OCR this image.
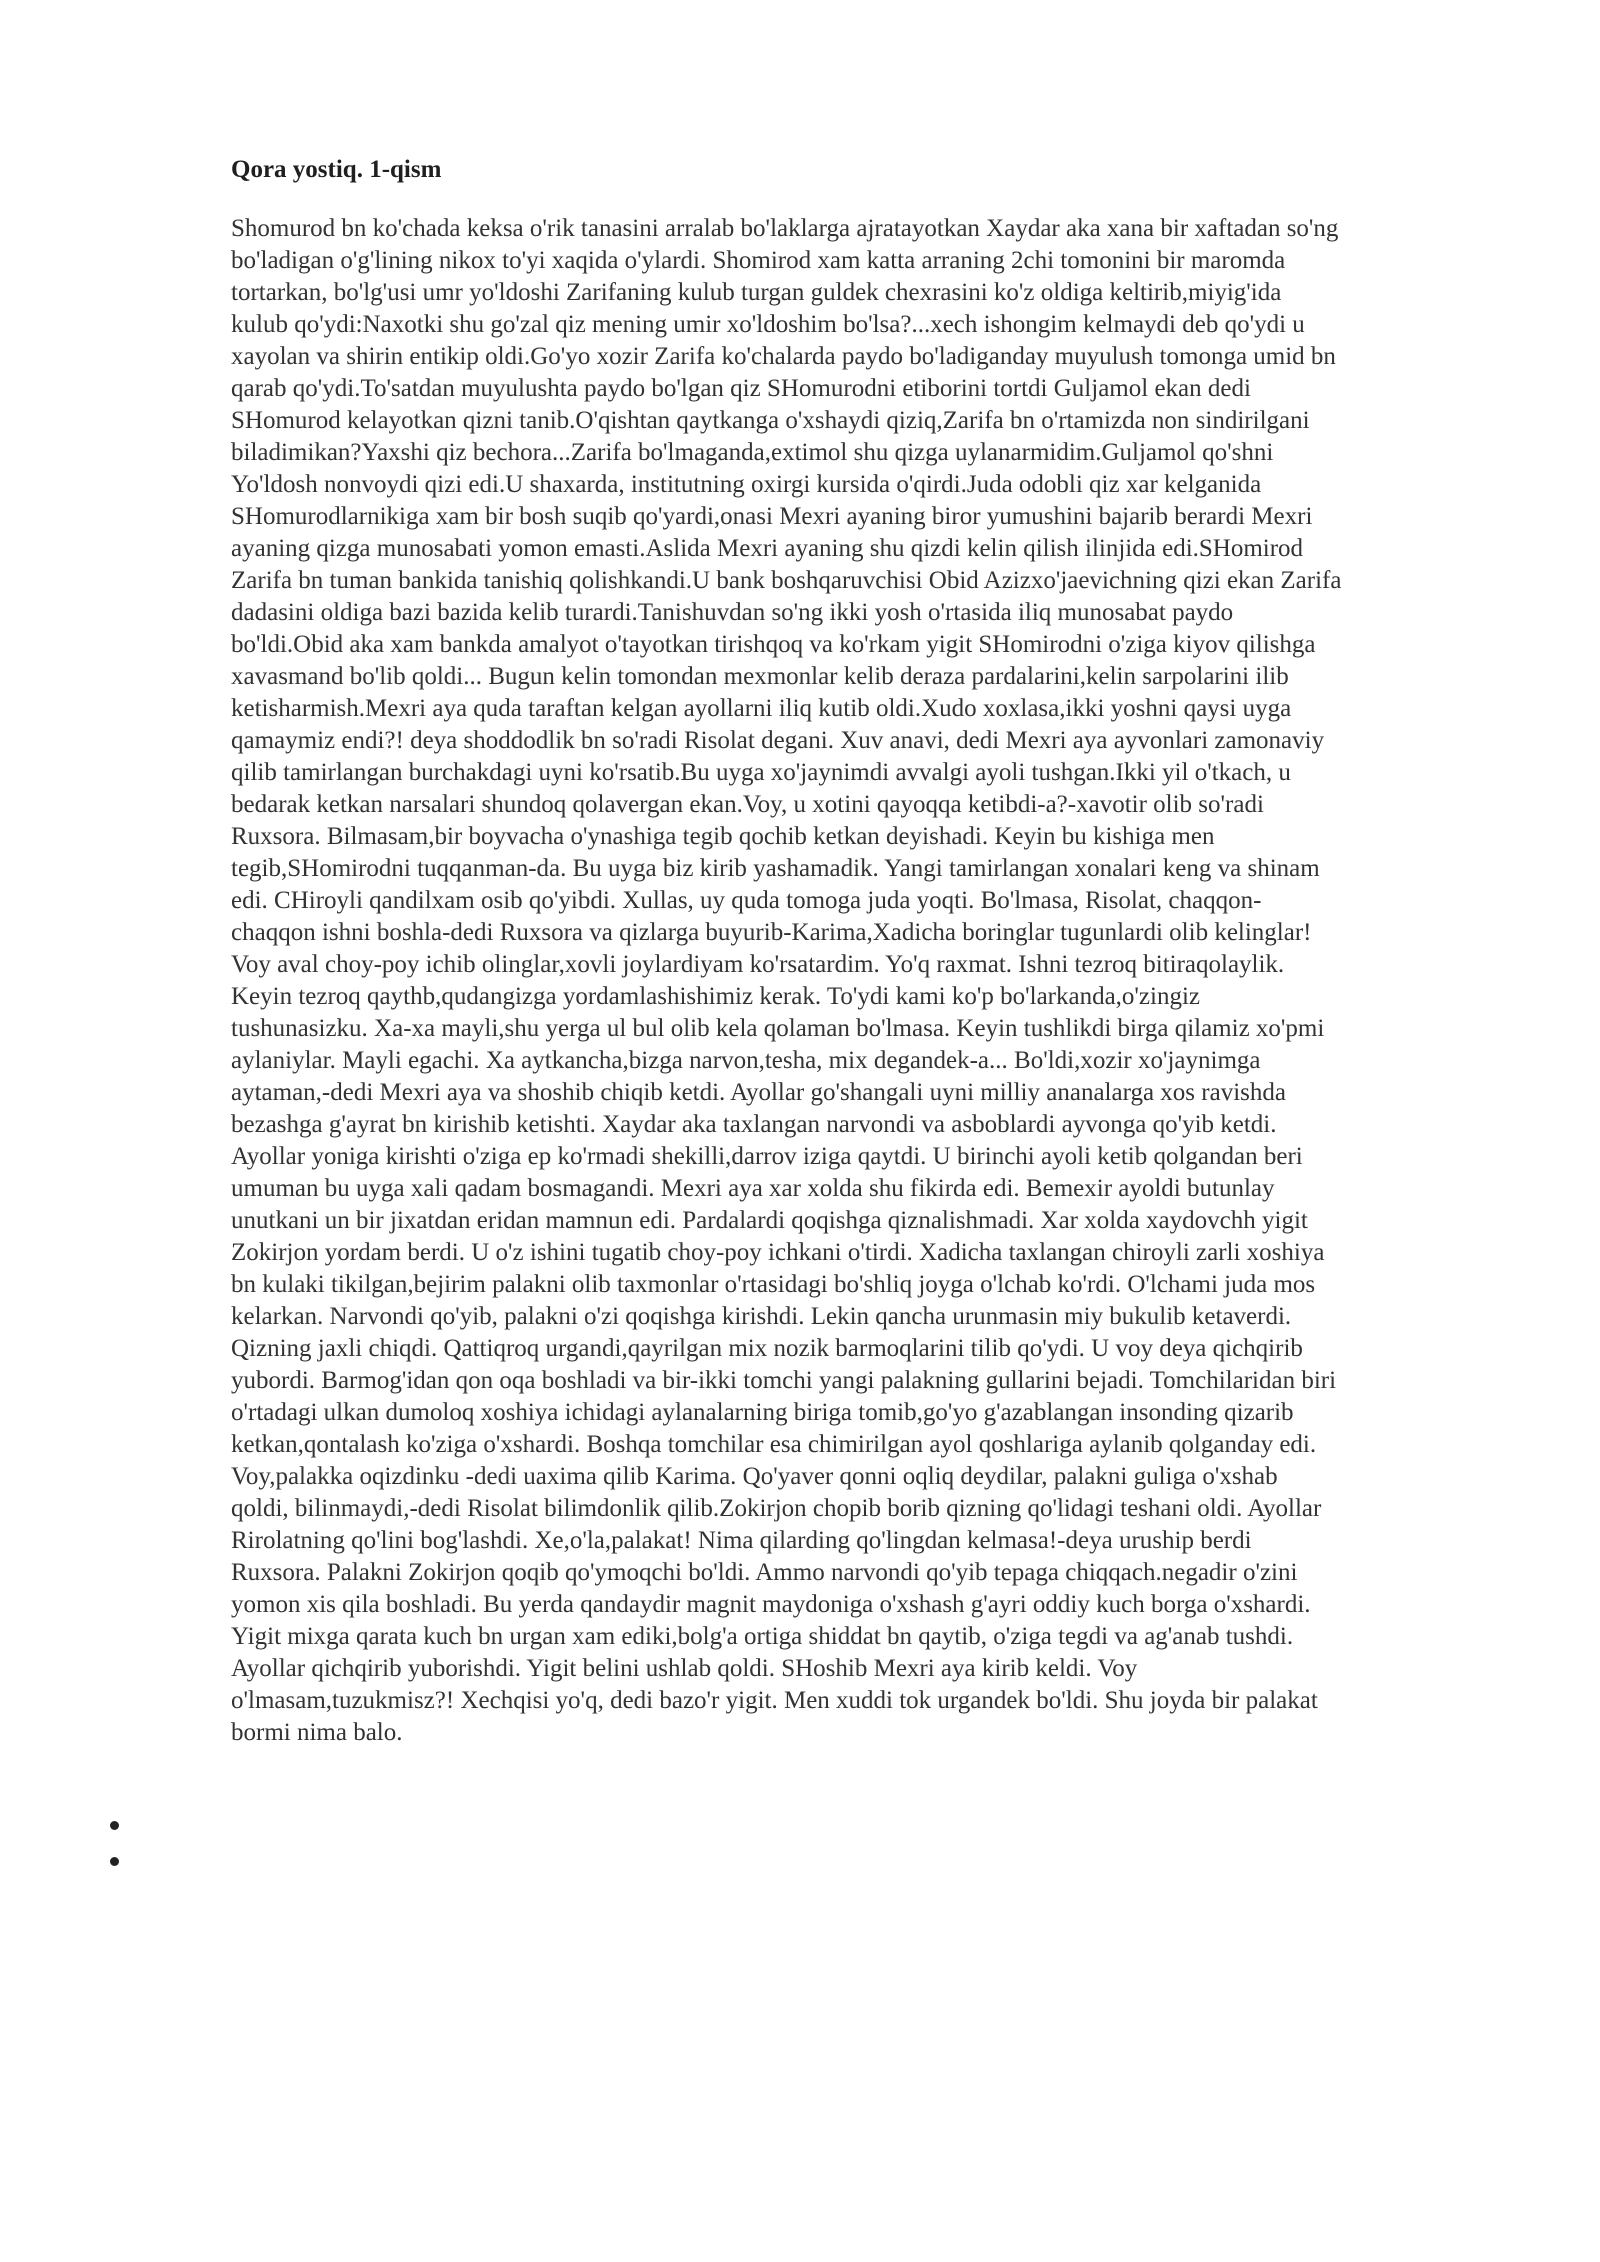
Qora yostiq. 1-qism

Shomurod bn ko'chada keksa o'rik tanasini arralab bo'laklarga ajratayotkan Xaydar aka xana bir xaftadan so'ng
bo'ladigan o'g'lining nikox to'yi xaqida o'ylardi. Shomirod xam katta arraning 2chi tomonini bir maromda
tortarkan, bo'lg'usi umr yo'ldoshi Zarifaning kulub turgan guldek chexrasini ko'z oldiga keltirib,miyig'ida
kulub qo'ydi:Naxotki shu go'zal qiz mening umir xo'ldoshim bo'lsa?...xech ishongim kelmaydi deb qo'ydi u
xayolan va shirin entikip oldi.Go'yo xozir Zarifa ko'chalarda paydo bo'ladiganday muyulush tomonga umid bn
qarab qo'ydi.To'satdan muyulushta paydo bo'lgan qiz SHomurodni etiborini tortdi Guljamol ekan dedi
SHomurod kelayotkan qizni tanib.O'qishtan qaytkanga o'xshaydi qiziq,Zarifa bn o'rtamizda non sindirilgani
biladimikan?Yaxshi qiz bechora...Zarifa bo'lmaganda,extimol shu qizga uylanarmidim.Guljamol qo'shni
Yo'ldosh nonvoydi qizi edi.U shaxarda, institutning oxirgi kursida o'qirdi.Juda odobli qiz xar kelganida
SHomurodlarnikiga xam bir bosh suqib qo'yardi,onasi Mexri ayaning biror yumushini bajarib berardi Mexri
ayaning qizga munosabati yomon emasti.Aslida Mexri ayaning shu qizdi kelin qilish ilinjida edi.SHomirod
Zarifa bn tuman bankida tanishiq qolishkandi.U bank boshqaruvchisi Obid Azizxo'jaevichning qizi ekan Zarifa
dadasini oldiga bazi bazida kelib turardi.Tanishuvdan so'ng ikki yosh o'rtasida iliq munosabat paydo
bo'ldi.Obid aka xam bankda amalyot o'tayotkan tirishqoq va ko'rkam yigit SHomirodni o'ziga kiyov qilishga
xavasmand bo'lib qoldi... Bugun kelin tomondan mexmonlar kelib deraza pardalarini,kelin sarpolarini ilib
ketisharmish.Mexri aya quda taraftan kelgan ayollarni iliq kutib oldi.Xudo xoxlasa,ikki yoshni qaysi uyga
qamaymiz endi?! deya shoddodlik bn so'radi Risolat degani. Xuv anavi, dedi Mexri aya ayvonlari zamonaviy
qilib tamirlangan burchakdagi uyni ko'rsatib.Bu uyga xo'jaynimdi avvalgi ayoli tushgan.Ikki yil o'tkach, u
bedarak ketkan narsalari shundoq qolavergan ekan.Voy, u xotini qayoqqa ketibdi-a?-xavotir olib so'radi
Ruxsora. Bilmasam,bir boyvacha o'ynashiga tegib qochib ketkan deyishadi. Keyin bu kishiga men
tegib,SHomirodni tuqqanman-da. Bu uyga biz kirib yashamadik. Yangi tamirlangan xonalari keng va shinam
edi. CHiroyli qandilxam osib qo'yibdi. Xullas, uy quda tomoga juda yoqti. Bo'lmasa, Risolat, chaqqon-
chaqqon ishni boshla-dedi Ruxsora va qizlarga buyurib-Karima,Xadicha boringlar tugunlardi olib kelinglar!
Voy aval choy-poy ichib olinglar,xovli joylardiyam ko'rsatardim. Yo'q raxmat. Ishni tezroq bitiraqolaylik.
Keyin tezroq qaythb,qudangizga yordamlashishimiz kerak. To'ydi kami ko'p bo'larkanda,o'zingiz
tushunasizku. Xa-xa mayli,shu yerga ul bul olib kela qolaman bo'lmasa. Keyin tushlikdi birga qilamiz xo'pmi
aylaniylar. Mayli egachi. Xa aytkancha,bizga narvon,tesha, mix degandek-a... Bo'ldi,xozir xo'jaynimga
aytaman,-dedi Mexri aya va shoshib chiqib ketdi. Ayollar go'shangali uyni milliy ananalarga xos ravishda
bezashga g'ayrat bn kirishib ketishti. Xaydar aka taxlangan narvondi va asboblardi ayvonga qo'yib ketdi.
Ayollar yoniga kirishti o'ziga ep ko'rmadi shekilli,darrov iziga qaytdi. U birinchi ayoli ketib qolgandan beri
umuman bu uyga xali qadam bosmagandi. Mexri aya xar xolda shu fikirda edi. Bemexir ayoldi butunlay
unutkani un bir jixatdan eridan mamnun edi. Pardalardi qoqishga qiznalishmadi. Xar xolda xaydovchh yigit
Zokirjon yordam berdi. U o'z ishini tugatib choy-poy ichkani o'tirdi. Xadicha taxlangan chiroyli zarli xoshiya
bn kulaki tikilgan,bejirim palakni olib taxmonlar o'rtasidagi bo'shliq joyga o'lchab ko'rdi. O'lchami juda mos
kelarkan. Narvondi qo'yib, palakni o'zi qoqishga kirishdi. Lekin qancha urunmasin miy bukulib ketaverdi.
Qizning jaxli chiqdi. Qattiqroq urgandi,qayrilgan mix nozik barmoqlarini tilib qo'ydi. U voy deya qichqirib
yubordi. Barmog'idan qon oqa boshladi va bir-ikki tomchi yangi palakning gullarini bejadi. Tomchilaridan biri
o'rtadagi ulkan dumoloq xoshiya ichidagi aylanalarning biriga tomib,go'yo g'azablangan insonding qizarib
ketkan,qontalash ko'ziga o'xshardi. Boshqa tomchilar esa chimirilgan ayol qoshlariga aylanib qolganday edi.
Voy,palakka oqizdinku -dedi uaxima qilib Karima. Qo'yaver qonni oqliq deydilar, palakni guliga o'xshab
qoldi, bilinmaydi,-dedi Risolat bilimdonlik qilib.Zokirjon chopib borib qizning qo'lidagi teshani oldi. Ayollar
Rirolatning qo'lini bog'lashdi. Xe,o'la,palakat! Nima qilarding qo'lingdan kelmasa!-deya uruship berdi
Ruxsora. Palakni Zokirjon qoqib qo'ymoqchi bo'ldi. Ammo narvondi qo'yib tepaga chiqqach.negadir o'zini
yomon xis qila boshladi. Bu yerda qandaydir magnit maydoniga o'xshash g'ayri oddiy kuch borga o'xshardi.
Yigit mixga qarata kuch bn urgan xam ediki,bolg'a ortiga shiddat bn qaytib, o'ziga tegdi va ag'anab tushdi.
Ayollar qichqirib yuborishdi. Yigit belini ushlab qoldi. SHoshib Mexri aya kirib keldi. Voy
o'lmasam,tuzukmisz?! Xechqisi yo'q, dedi bazo'r yigit. Men xuddi tok urgandek bo'ldi. Shu joyda bir palakat
bormi nima balo.
